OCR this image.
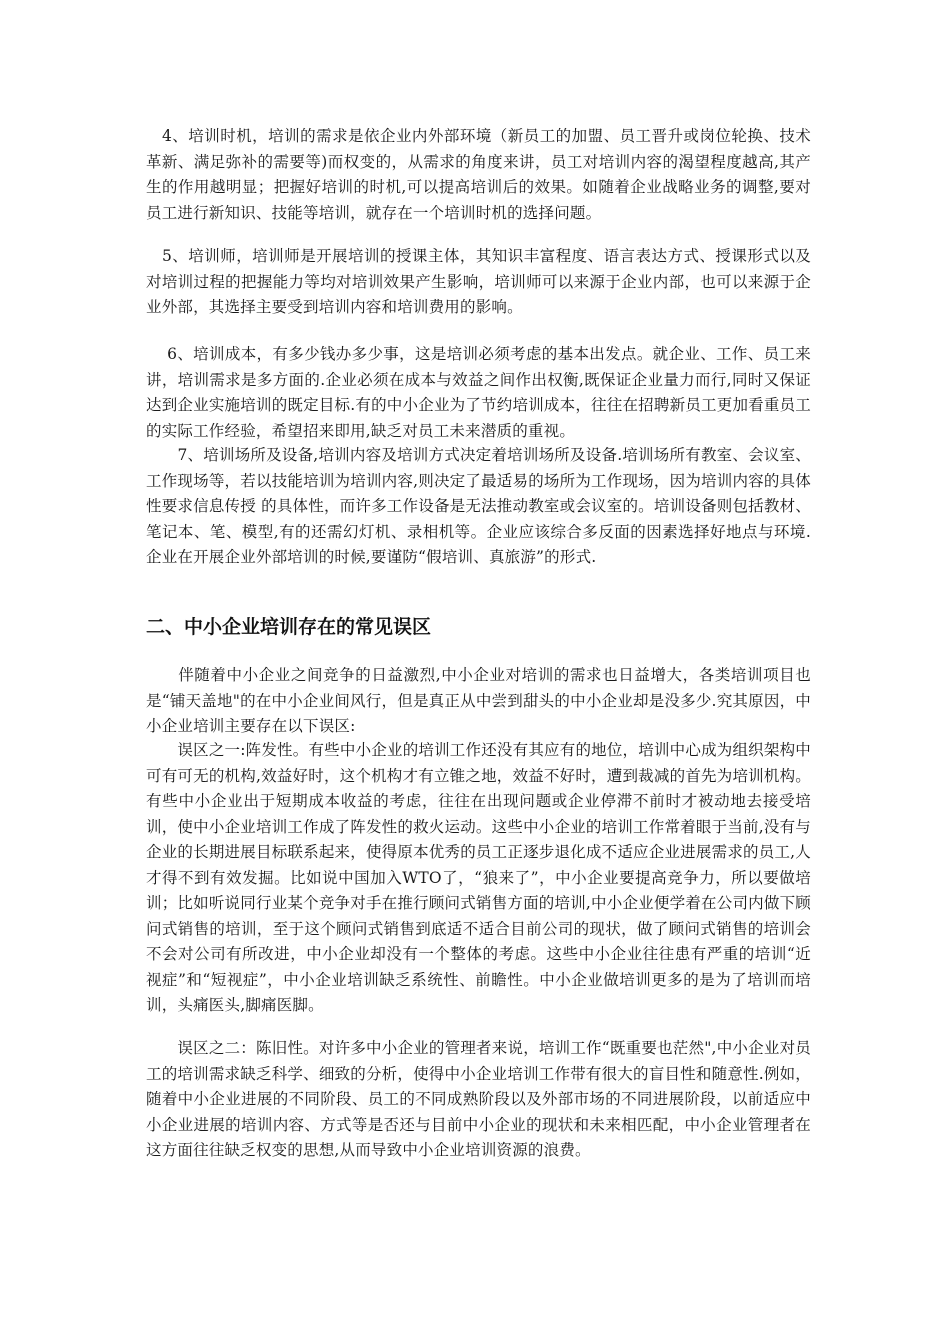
　4、培训时机，培训的需求是依企业内外部环境（新员工的加盟、员工晋升或岗位轮换、技术革新、满足弥补的需要等)而权变的，从需求的角度来讲，员工对培训内容的渴望程度越高,其产生的作用越明显；把握好培训的时机,可以提高培训后的效果。如随着企业战略业务的调整,要对员工进行新知识、技能等培训，就存在一个培训时机的选择问题。

　5、培训师，培训师是开展培训的授课主体，其知识丰富程度、语言表达方式、授课形式以及对培训过程的把握能力等均对培训效果产生影响，培训师可以来源于企业内部，也可以来源于企业外部，其选择主要受到培训内容和培训费用的影响。

　 6、培训成本，有多少钱办多少事，这是培训必须考虑的基本出发点。就企业、工作、员工来讲，培训需求是多方面的.企业必须在成本与效益之间作出权衡,既保证企业量力而行,同时又保证达到企业实施培训的既定目标.有的中小企业为了节约培训成本，往往在招聘新员工更加看重员工的实际工作经验，希望招来即用,缺乏对员工未来潜质的重视。

　　7、培训场所及设备,培训内容及培训方式决定着培训场所及设备.培训场所有教室、会议室、工作现场等，若以技能培训为培训内容,则决定了最适易的场所为工作现场，因为培训内容的具体性要求信息传授 的具体性，而许多工作设备是无法推动教室或会议室的。培训设备则包括教材、笔记本、笔、模型,有的还需幻灯机、录相机等。企业应该综合多反面的因素选择好地点与环境.企业在开展企业外部培训的时候,要谨防“假培训、真旅游”的形式.

二、中小企业培训存在的常见误区

　　伴随着中小企业之间竞争的日益激烈,中小企业对培训的需求也日益增大，各类培训项目也是“铺天盖地"的在中小企业间风行，但是真正从中尝到甜头的中小企业却是没多少.究其原因，中小企业培训主要存在以下误区:

　　误区之一:阵发性。有些中小企业的培训工作还没有其应有的地位，培训中心成为组织架构中可有可无的机构,效益好时，这个机构才有立锥之地，效益不好时，遭到裁减的首先为培训机构。有些中小企业出于短期成本收益的考虑，往往在出现问题或企业停滞不前时才被动地去接受培训，使中小企业培训工作成了阵发性的救火运动。这些中小企业的培训工作常着眼于当前,没有与企业的长期进展目标联系起来，使得原本优秀的员工正逐步退化成不适应企业进展需求的员工,人才得不到有效发掘。比如说中国加入WTO了，“狼来了”，中小企业要提高竞争力，所以要做培训；比如听说同行业某个竞争对手在推行顾问式销售方面的培训,中小企业便学着在公司内做下顾问式销售的培训，至于这个顾问式销售到底适不适合目前公司的现状，做了顾问式销售的培训会不会对公司有所改进，中小企业却没有一个整体的考虑。这些中小企业往往患有严重的培训“近视症”和“短视症”，中小企业培训缺乏系统性、前瞻性。中小企业做培训更多的是为了培训而培训，头痛医头,脚痛医脚。

　　误区之二：陈旧性。对许多中小企业的管理者来说，培训工作“既重要也茫然",中小企业对员工的培训需求缺乏科学、细致的分析，使得中小企业培训工作带有很大的盲目性和随意性.例如，随着中小企业进展的不同阶段、员工的不同成熟阶段以及外部市场的不同进展阶段，以前适应中小企业进展的培训内容、方式等是否还与目前中小企业的现状和未来相匹配，中小企业管理者在这方面往往缺乏权变的思想,从而导致中小企业培训资源的浪费。
